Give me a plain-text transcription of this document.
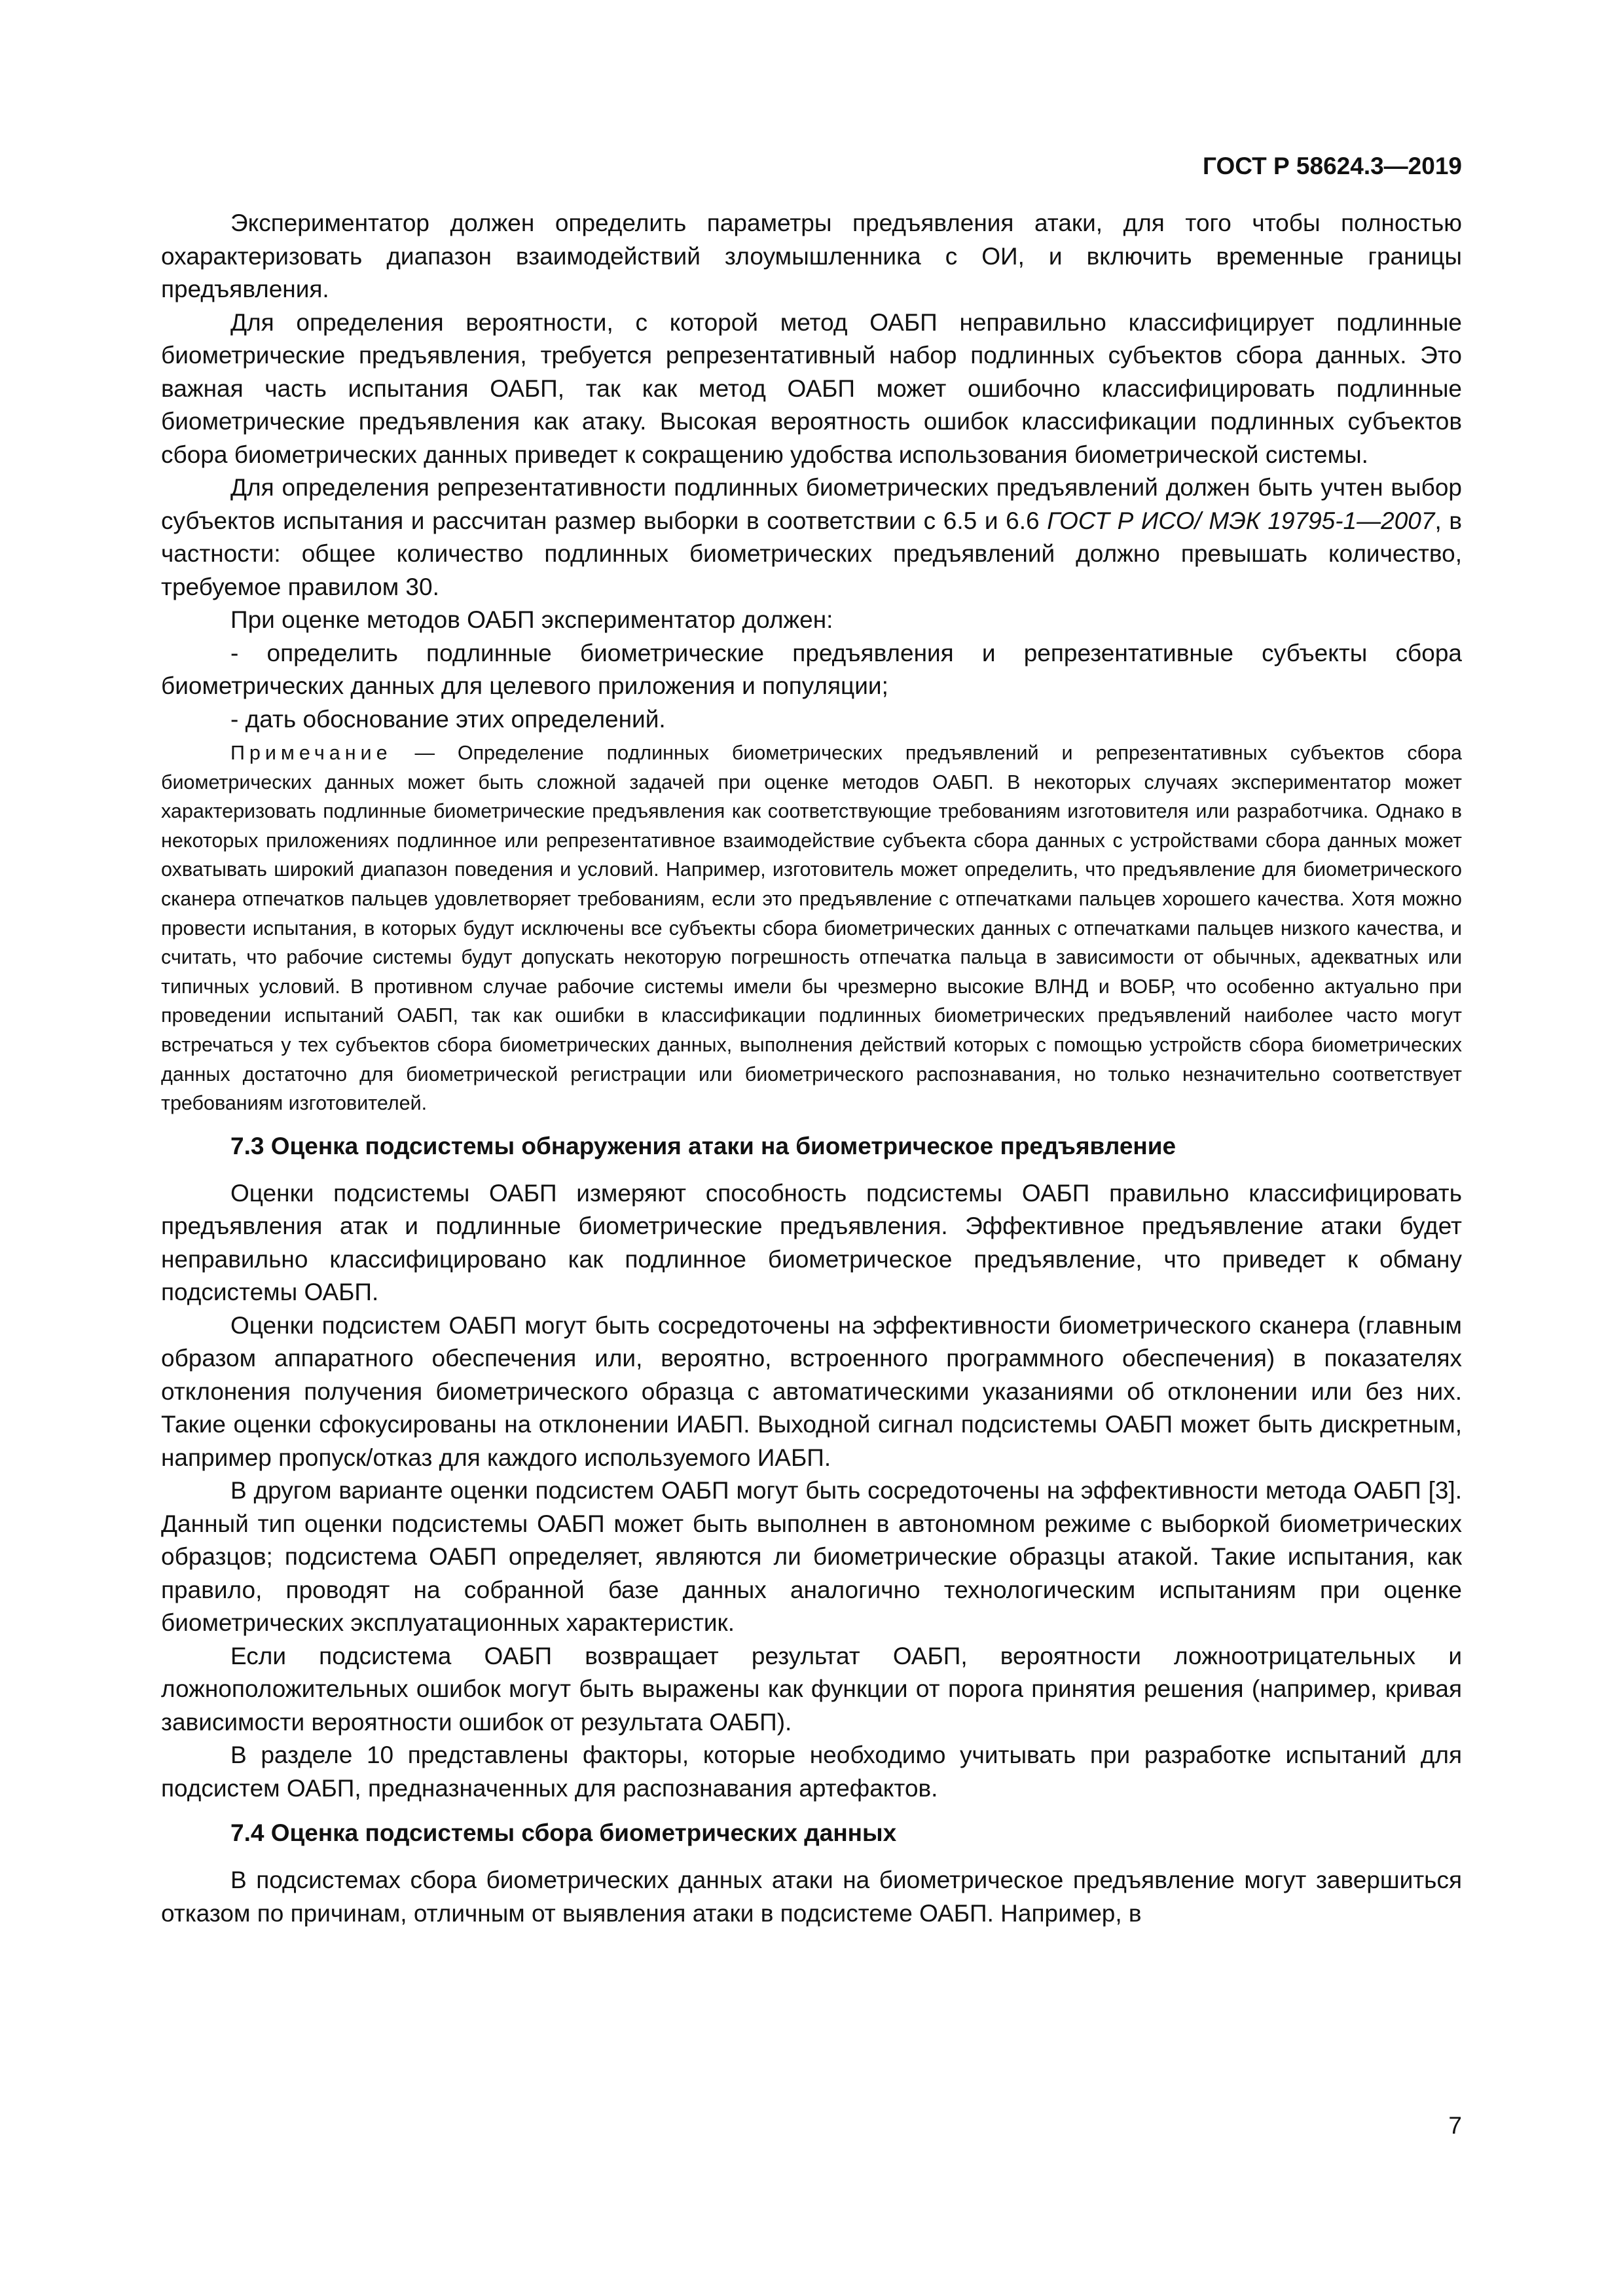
ГОСТ Р 58624.3—2019

Экспериментатор должен определить параметры предъявления атаки, для того чтобы полностью охарактеризовать диапазон взаимодействий злоумышленника с ОИ, и включить временные границы предъявления.

Для определения вероятности, с которой метод ОАБП неправильно классифицирует подлинные биометрические предъявления, требуется репрезентативный набор подлинных субъектов сбора данных. Это важная часть испытания ОАБП, так как метод ОАБП может ошибочно классифицировать подлинные биометрические предъявления как атаку. Высокая вероятность ошибок классификации подлинных субъектов сбора биометрических данных приведет к сокращению удобства использования биометрической системы.

Для определения репрезентативности подлинных биометрических предъявлений должен быть учтен выбор субъектов испытания и рассчитан размер выборки в соответствии с 6.5 и 6.6 ГОСТ Р ИСО/ МЭК 19795-1—2007, в частности: общее количество подлинных биометрических предъявлений должно превышать количество, требуемое правилом 30.

При оценке методов ОАБП экспериментатор должен:

- определить подлинные биометрические предъявления и репрезентативные субъекты сбора биометрических данных для целевого приложения и популяции;

- дать обоснование этих определений.

Примечание — Определение подлинных биометрических предъявлений и репрезентативных субъектов сбора биометрических данных может быть сложной задачей при оценке методов ОАБП. В некоторых случаях экспериментатор может характеризовать подлинные биометрические предъявления как соответствующие требованиям изготовителя или разработчика. Однако в некоторых приложениях подлинное или репрезентативное взаимодействие субъекта сбора данных с устройствами сбора данных может охватывать широкий диапазон поведения и условий. Например, изготовитель может определить, что предъявление для биометрического сканера отпечатков пальцев удовлетворяет требованиям, если это предъявление с отпечатками пальцев хорошего качества. Хотя можно провести испытания, в которых будут исключены все субъекты сбора биометрических данных с отпечатками пальцев низкого качества, и считать, что рабочие системы будут допускать некоторую погрешность отпечатка пальца в зависимости от обычных, адекватных или типичных условий. В противном случае рабочие системы имели бы чрезмерно высокие ВЛНД и ВОБР, что особенно актуально при проведении испытаний ОАБП, так как ошибки в классификации подлинных биометрических предъявлений наиболее часто могут встречаться у тех субъектов сбора биометрических данных, выполнения действий которых с помощью устройств сбора биометрических данных достаточно для биометрической регистрации или биометрического распознавания, но только незначительно соответствует требованиям изготовителей.
7.3 Оценка подсистемы обнаружения атаки на биометрическое предъявление

Оценки подсистемы ОАБП измеряют способность подсистемы ОАБП правильно классифицировать предъявления атак и подлинные биометрические предъявления. Эффективное предъявление атаки будет неправильно классифицировано как подлинное биометрическое предъявление, что приведет к обману подсистемы ОАБП.

Оценки подсистем ОАБП могут быть сосредоточены на эффективности биометрического сканера (главным образом аппаратного обеспечения или, вероятно, встроенного программного обеспечения) в показателях отклонения получения биометрического образца с автоматическими указаниями об отклонении или без них. Такие оценки сфокусированы на отклонении ИАБП. Выходной сигнал подсистемы ОАБП может быть дискретным, например пропуск/отказ для каждого используемого ИАБП.

В другом варианте оценки подсистем ОАБП могут быть сосредоточены на эффективности метода ОАБП [3]. Данный тип оценки подсистемы ОАБП может быть выполнен в автономном режиме с выборкой биометрических образцов; подсистема ОАБП определяет, являются ли биометрические образцы атакой. Такие испытания, как правило, проводят на собранной базе данных аналогично технологическим испытаниям при оценке биометрических эксплуатационных характеристик.

Если подсистема ОАБП возвращает результат ОАБП, вероятности ложноотрицательных и ложноположительных ошибок могут быть выражены как функции от порога принятия решения (например, кривая зависимости вероятности ошибок от результата ОАБП).

В разделе 10 представлены факторы, которые необходимо учитывать при разработке испытаний для подсистем ОАБП, предназначенных для распознавания артефактов.

7.4 Оценка подсистемы сбора биометрических данных

В подсистемах сбора биометрических данных атаки на биометрическое предъявление могут завершиться отказом по причинам, отличным от выявления атаки в подсистеме ОАБП. Например, в

7
